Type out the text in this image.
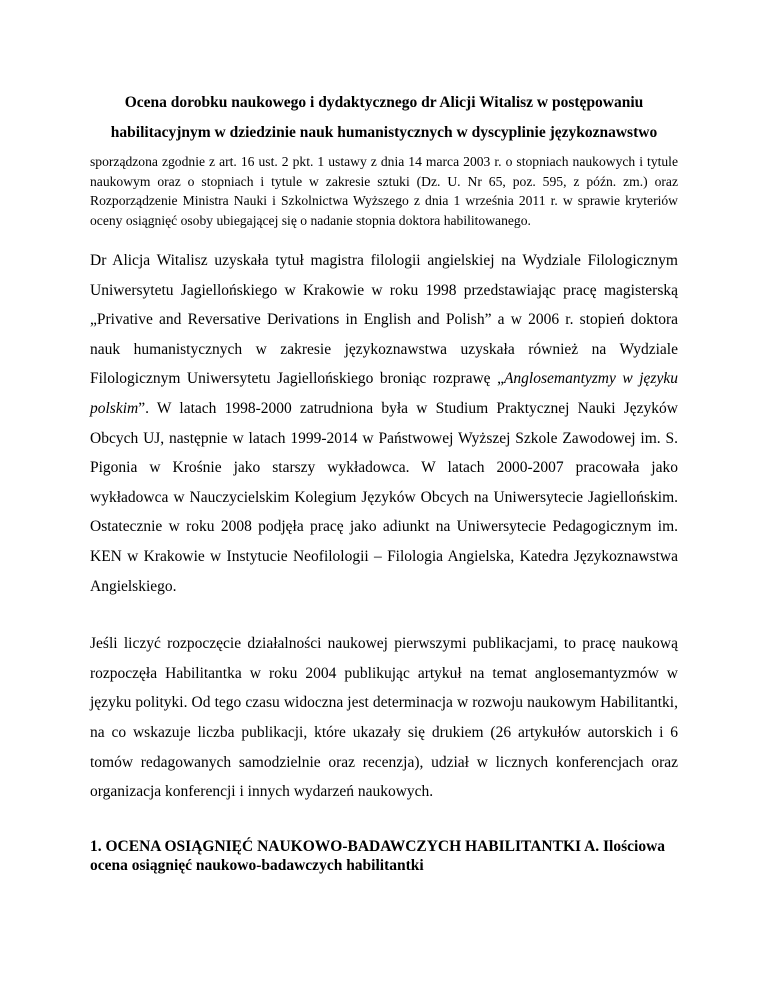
Ocena dorobku naukowego i dydaktycznego dr Alicji Witalisz w postępowaniu

habilitacyjnym w dziedzinie nauk humanistycznych w dyscyplinie językoznawstwo

sporządzona zgodnie z art. 16 ust. 2 pkt. 1 ustawy z dnia 14 marca 2003 r. o stopniach naukowych i tytule naukowym oraz o stopniach i tytule w zakresie sztuki (Dz. U. Nr 65, poz. 595, z późn. zm.) oraz Rozporządzenie Ministra Nauki i Szkolnictwa Wyższego z dnia 1 września 2011 r. w sprawie kryteriów oceny osiągnięć osoby ubiegającej się o nadanie stopnia doktora habilitowanego.

Dr Alicja Witalisz uzyskała tytuł magistra filologii angielskiej na Wydziale Filologicznym Uniwersytetu Jagiellońskiego w Krakowie w roku 1998 przedstawiając pracę magisterską „Privative and Reversative Derivations in English and Polish” a w 2006 r. stopień doktora nauk humanistycznych w zakresie językoznawstwa uzyskała również na Wydziale Filologicznym Uniwersytetu Jagiellońskiego broniąc rozprawę „Anglosemantyzmy w języku polskim”. W latach 1998-2000 zatrudniona była w Studium Praktycznej Nauki Języków Obcych UJ, następnie w latach 1999-2014 w Państwowej Wyższej Szkole Zawodowej im. S. Pigonia w Krośnie jako starszy wykładowca. W latach 2000-2007 pracowała jako wykładowca w Nauczycielskim Kolegium Języków Obcych na Uniwersytecie Jagiellońskim. Ostatecznie w roku 2008 podjęła pracę jako adiunkt na Uniwersytecie Pedagogicznym im. KEN w Krakowie w Instytucie Neofilologii – Filologia Angielska, Katedra Językoznawstwa Angielskiego.

Jeśli liczyć rozpoczęcie działalności naukowej pierwszymi publikacjami, to pracę naukową rozpoczęła Habilitantka w roku 2004 publikując artykuł na temat anglosemantyzmów w języku polityki. Od tego czasu widoczna jest determinacja w rozwoju naukowym Habilitantki, na co wskazuje liczba publikacji, które ukazały się drukiem (26 artykułów autorskich i 6 tomów redagowanych samodzielnie oraz recenzja), udział w licznych konferencjach oraz organizacja konferencji i innych wydarzeń naukowych.

1. OCENA OSIĄGNIĘĆ NAUKOWO-BADAWCZYCH HABILITANTKI A. Ilościowa ocena osiągnięć naukowo-badawczych habilitantki
